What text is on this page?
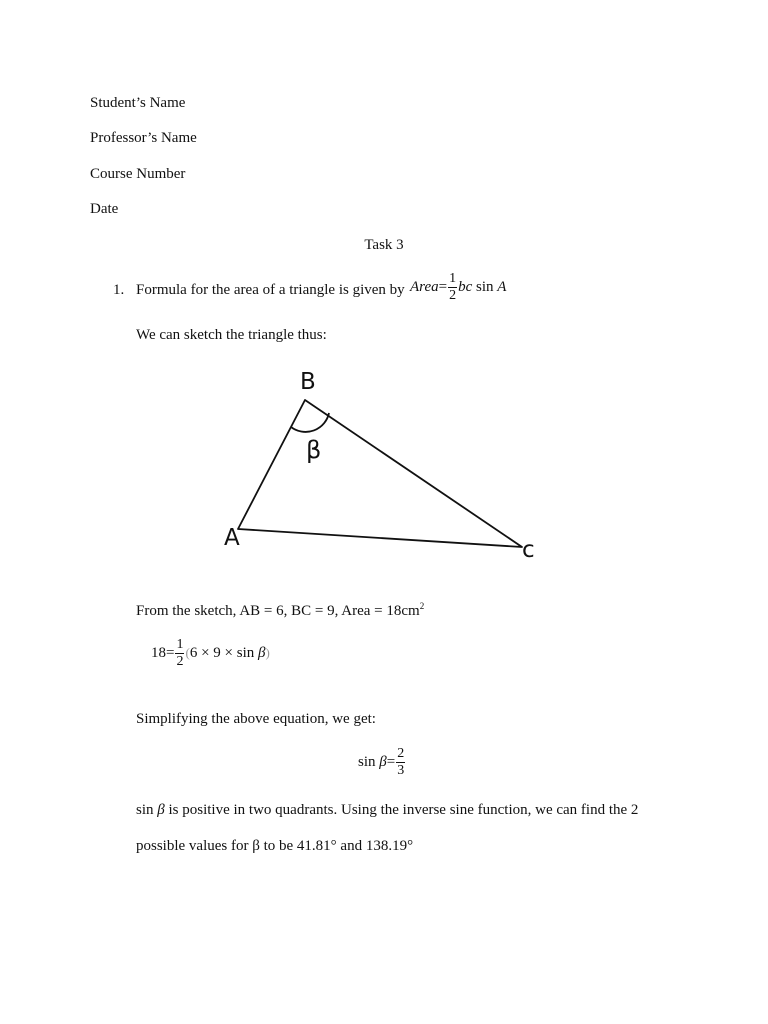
Student’s Name
Professor’s Name
Course Number
Date
Task 3
1. Formula for the area of a triangle is given by Area= $\frac{1}{2}$ bc sin A
We can sketch the triangle thus:
B
A	c
β
From the sketch, AB = 6, BC = 9, Area = $18cm^2$
$18= \frac{1}{2} (6 \times 9 \times \sin \beta)$
Simplifying the above equation, we get:
$\sin \beta= \frac{2}{3}$
sin β is positive in two quadrants. Using the inverse sine function, we can find the 2
possible values for β to be 41.81° and 138.19°
